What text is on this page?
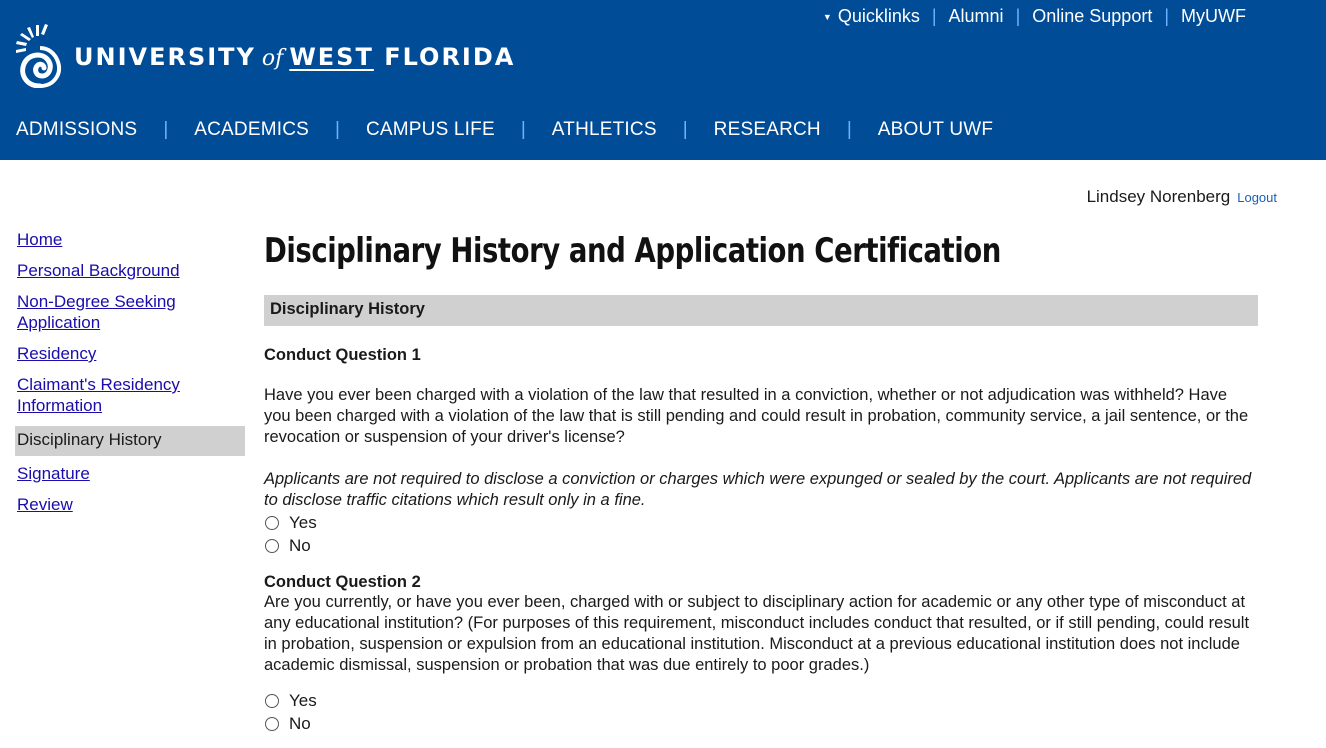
UNIVERSITY of WEST FLORIDA
▼ Quicklinks | Alumni | Online Support | MyUWF
ADMISSIONS | ACADEMICS | CAMPUS LIFE | ATHLETICS | RESEARCH | ABOUT UWF
Lindsey Norenberg Logout
Home
Personal Background
Non-Degree Seeking Application
Residency
Claimant's Residency Information
Disciplinary History
Signature
Review
Disciplinary History and Application Certification
Disciplinary History
Conduct Question 1
Have you ever been charged with a violation of the law that resulted in a conviction, whether or not adjudication was withheld? Have you been charged with a violation of the law that is still pending and could result in probation, community service, a jail sentence, or the revocation or suspension of your driver's license?
Applicants are not required to disclose a conviction or charges which were expunged or sealed by the court. Applicants are not required to disclose traffic citations which result only in a fine.
Yes
No
Conduct Question 2
Are you currently, or have you ever been, charged with or subject to disciplinary action for academic or any other type of misconduct at any educational institution? (For purposes of this requirement, misconduct includes conduct that resulted, or if still pending, could result in probation, suspension or expulsion from an educational institution. Misconduct at a previous educational institution does not include academic dismissal, suspension or probation that was due entirely to poor grades.)
Yes
No
